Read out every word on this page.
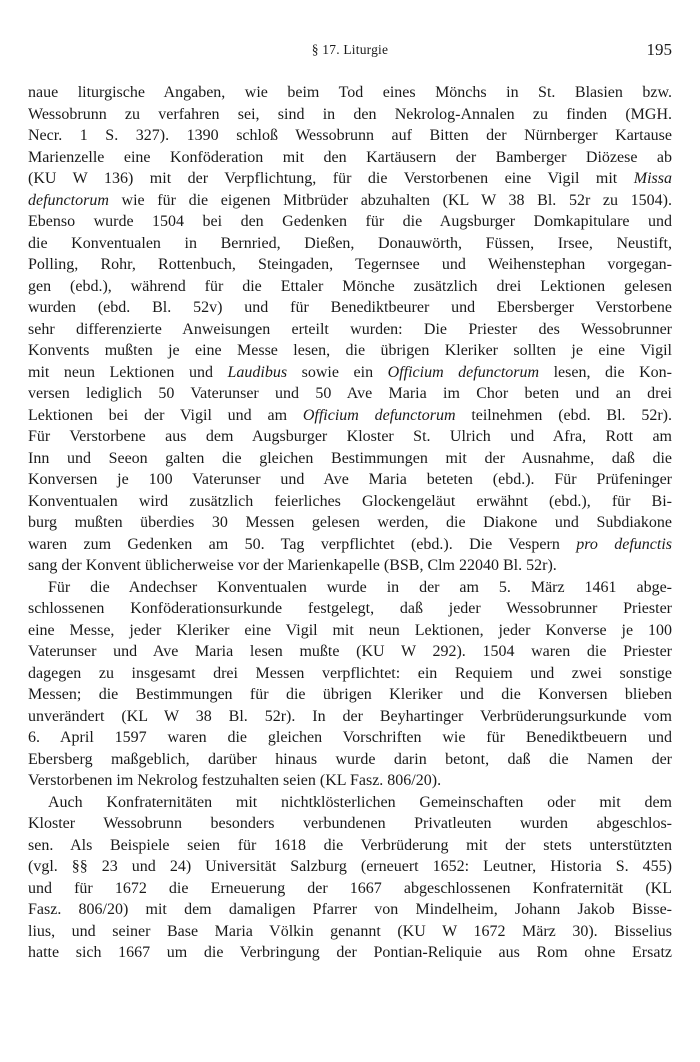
§ 17. Liturgie	195
naue liturgische Angaben, wie beim Tod eines Mönchs in St. Blasien bzw.
Wessobrunn zu verfahren sei, sind in den Nekrolog-Annalen zu finden (MGH.
Necr. 1 S. 327). 1390 schloß Wessobrunn auf Bitten der Nürnberger Kartause
Marienzelle eine Konföderation mit den Kartäusern der Bamberger Diözese ab
(KU W 136) mit der Verpflichtung, für die Verstorbenen eine Vigil mit Missa
defunctorum wie für die eigenen Mitbrüder abzuhalten (KL W 38 Bl. 52r zu 1504).
Ebenso wurde 1504 bei den Gedenken für die Augsburger Domkapitulare und
die Konventualen in Bernried, Dießen, Donauwörth, Füssen, Irsee, Neustift,
Polling, Rohr, Rottenbuch, Steingaden, Tegernsee und Weihenstephan vorgegan-
gen (ebd.), während für die Ettaler Mönche zusätzlich drei Lektionen gelesen
wurden (ebd. Bl. 52v) und für Benediktbeurer und Ebersberger Verstorbene
sehr differenzierte Anweisungen erteilt wurden: Die Priester des Wessobrunner
Konvents mußten je eine Messe lesen, die übrigen Kleriker sollten je eine Vigil
mit neun Lektionen und Laudibus sowie ein Officium defunctorum lesen, die Kon-
versen lediglich 50 Vaterunser und 50 Ave Maria im Chor beten und an drei
Lektionen bei der Vigil und am Officium defunctorum teilnehmen (ebd. Bl. 52r).
Für Verstorbene aus dem Augsburger Kloster St. Ulrich und Afra, Rott am
Inn und Seeon galten die gleichen Bestimmungen mit der Ausnahme, daß die
Konversen je 100 Vaterunser und Ave Maria beteten (ebd.). Für Prüfeninger
Konventualen wird zusätzlich feierliches Glockengeläut erwähnt (ebd.), für Bi-
burg mußten überdies 30 Messen gelesen werden, die Diakone und Subdiakone
waren zum Gedenken am 50. Tag verpflichtet (ebd.). Die Vespern pro defunctis
sang der Konvent üblicherweise vor der Marienkapelle (BSB, Clm 22040 Bl. 52r).
Für die Andechser Konventualen wurde in der am 5. März 1461 abge-
schlossenen Konföderationsurkunde festgelegt, daß jeder Wessobrunner Priester
eine Messe, jeder Kleriker eine Vigil mit neun Lektionen, jeder Konverse je 100
Vaterunser und Ave Maria lesen mußte (KU W 292). 1504 waren die Priester
dagegen zu insgesamt drei Messen verpflichtet: ein Requiem und zwei sonstige
Messen; die Bestimmungen für die übrigen Kleriker und die Konversen blieben
unverändert (KL W 38 Bl. 52r). In der Beyhartinger Verbrüderungsurkunde vom
6. April 1597 waren die gleichen Vorschriften wie für Benediktbeuern und
Ebersberg maßgeblich, darüber hinaus wurde darin betont, daß die Namen der
Verstorbenen im Nekrolog festzuhalten seien (KL Fasz. 806/20).
Auch Konfraternitäten mit nichtklösterlichen Gemeinschaften oder mit dem
Kloster Wessobrunn besonders verbundenen Privatleuten wurden abgeschlos-
sen. Als Beispiele seien für 1618 die Verbrüderung mit der stets unterstützten
(vgl. §§ 23 und 24) Universität Salzburg (erneuert 1652: Leutner, Historia S. 455)
und für 1672 die Erneuerung der 1667 abgeschlossenen Konfraternität (KL
Fasz. 806/20) mit dem damaligen Pfarrer von Mindelheim, Johann Jakob Bisse-
lius, und seiner Base Maria Völkin genannt (KU W 1672 März 30). Bisselius
hatte sich 1667 um die Verbringung der Pontian-Reliquie aus Rom ohne Ersatz
